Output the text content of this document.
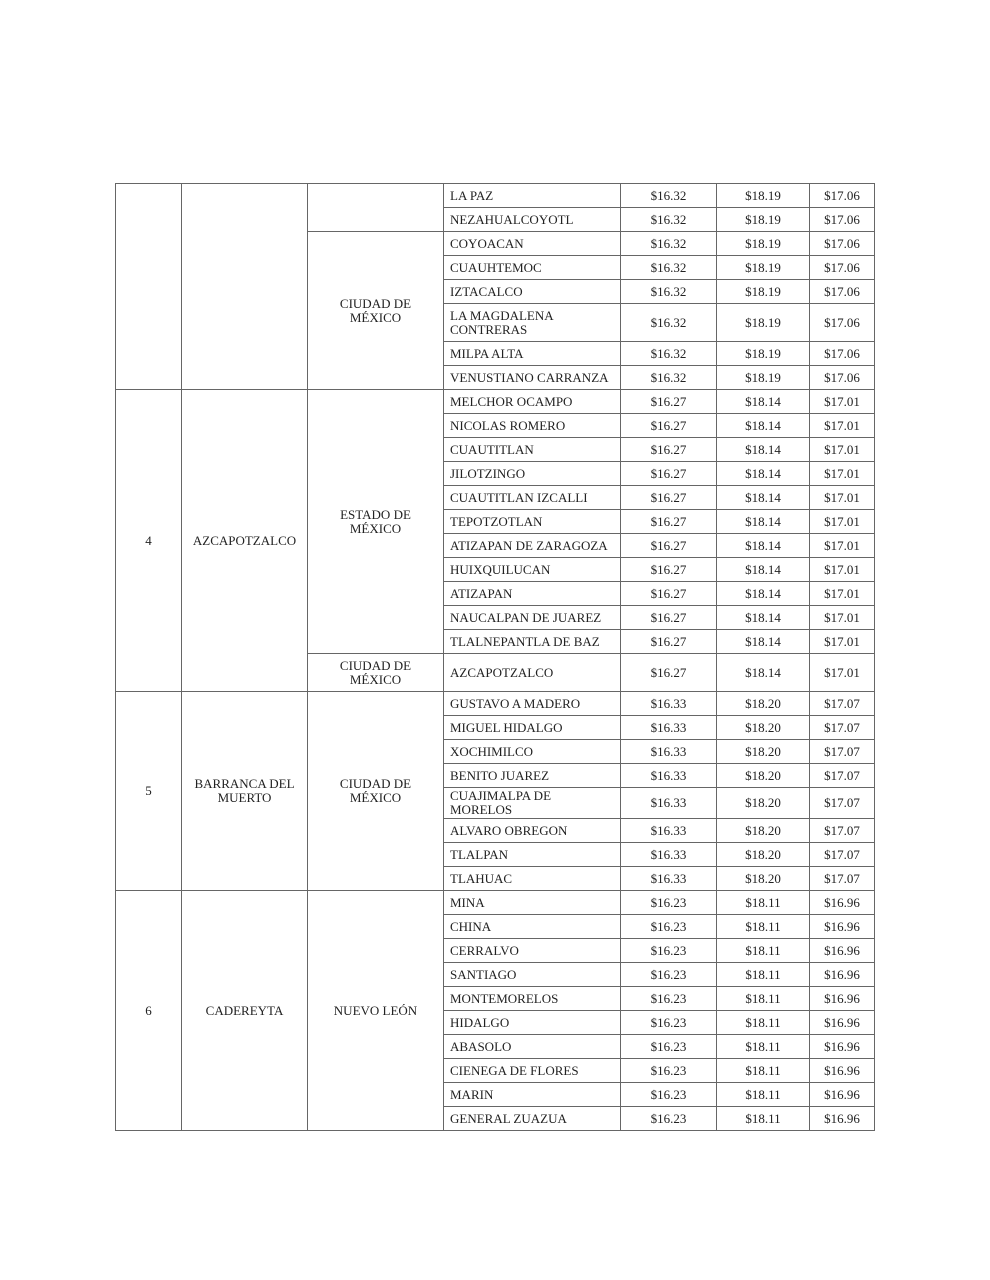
			LA PAZ	$16.32	$18.19	$17.06
			NEZAHUALCOYOTL	$16.32	$18.19	$17.06
		CIUDAD DE MÉXICO	COYOACAN	$16.32	$18.19	$17.06
			CUAUHTEMOC	$16.32	$18.19	$17.06
			IZTACALCO	$16.32	$18.19	$17.06
			LA MAGDALENA CONTRERAS	$16.32	$18.19	$17.06
			MILPA ALTA	$16.32	$18.19	$17.06
			VENUSTIANO CARRANZA	$16.32	$18.19	$17.06
4	AZCAPOTZALCO	ESTADO DE MÉXICO	MELCHOR OCAMPO	$16.27	$18.14	$17.01
			NICOLAS ROMERO	$16.27	$18.14	$17.01
			CUAUTITLAN	$16.27	$18.14	$17.01
			JILOTZINGO	$16.27	$18.14	$17.01
			CUAUTITLAN IZCALLI	$16.27	$18.14	$17.01
			TEPOTZOTLAN	$16.27	$18.14	$17.01
			ATIZAPAN DE ZARAGOZA	$16.27	$18.14	$17.01
			HUIXQUILUCAN	$16.27	$18.14	$17.01
			ATIZAPAN	$16.27	$18.14	$17.01
			NAUCALPAN DE JUAREZ	$16.27	$18.14	$17.01
			TLALNEPANTLA DE BAZ	$16.27	$18.14	$17.01
		CIUDAD DE MÉXICO	AZCAPOTZALCO	$16.27	$18.14	$17.01
5	BARRANCA DEL MUERTO	CIUDAD DE MÉXICO	GUSTAVO A MADERO	$16.33	$18.20	$17.07
			MIGUEL HIDALGO	$16.33	$18.20	$17.07
			XOCHIMILCO	$16.33	$18.20	$17.07
			BENITO JUAREZ	$16.33	$18.20	$17.07
			CUAJIMALPA DE MORELOS	$16.33	$18.20	$17.07
			ALVARO OBREGON	$16.33	$18.20	$17.07
			TLALPAN	$16.33	$18.20	$17.07
			TLAHUAC	$16.33	$18.20	$17.07
6	CADEREYTA	NUEVO LEÓN	MINA	$16.23	$18.11	$16.96
			CHINA	$16.23	$18.11	$16.96
			CERRALVO	$16.23	$18.11	$16.96
			SANTIAGO	$16.23	$18.11	$16.96
			MONTEMORELOS	$16.23	$18.11	$16.96
			HIDALGO	$16.23	$18.11	$16.96
			ABASOLO	$16.23	$18.11	$16.96
			CIENEGA DE FLORES	$16.23	$18.11	$16.96
			MARIN	$16.23	$18.11	$16.96
			GENERAL ZUAZUA	$16.23	$18.11	$16.96
